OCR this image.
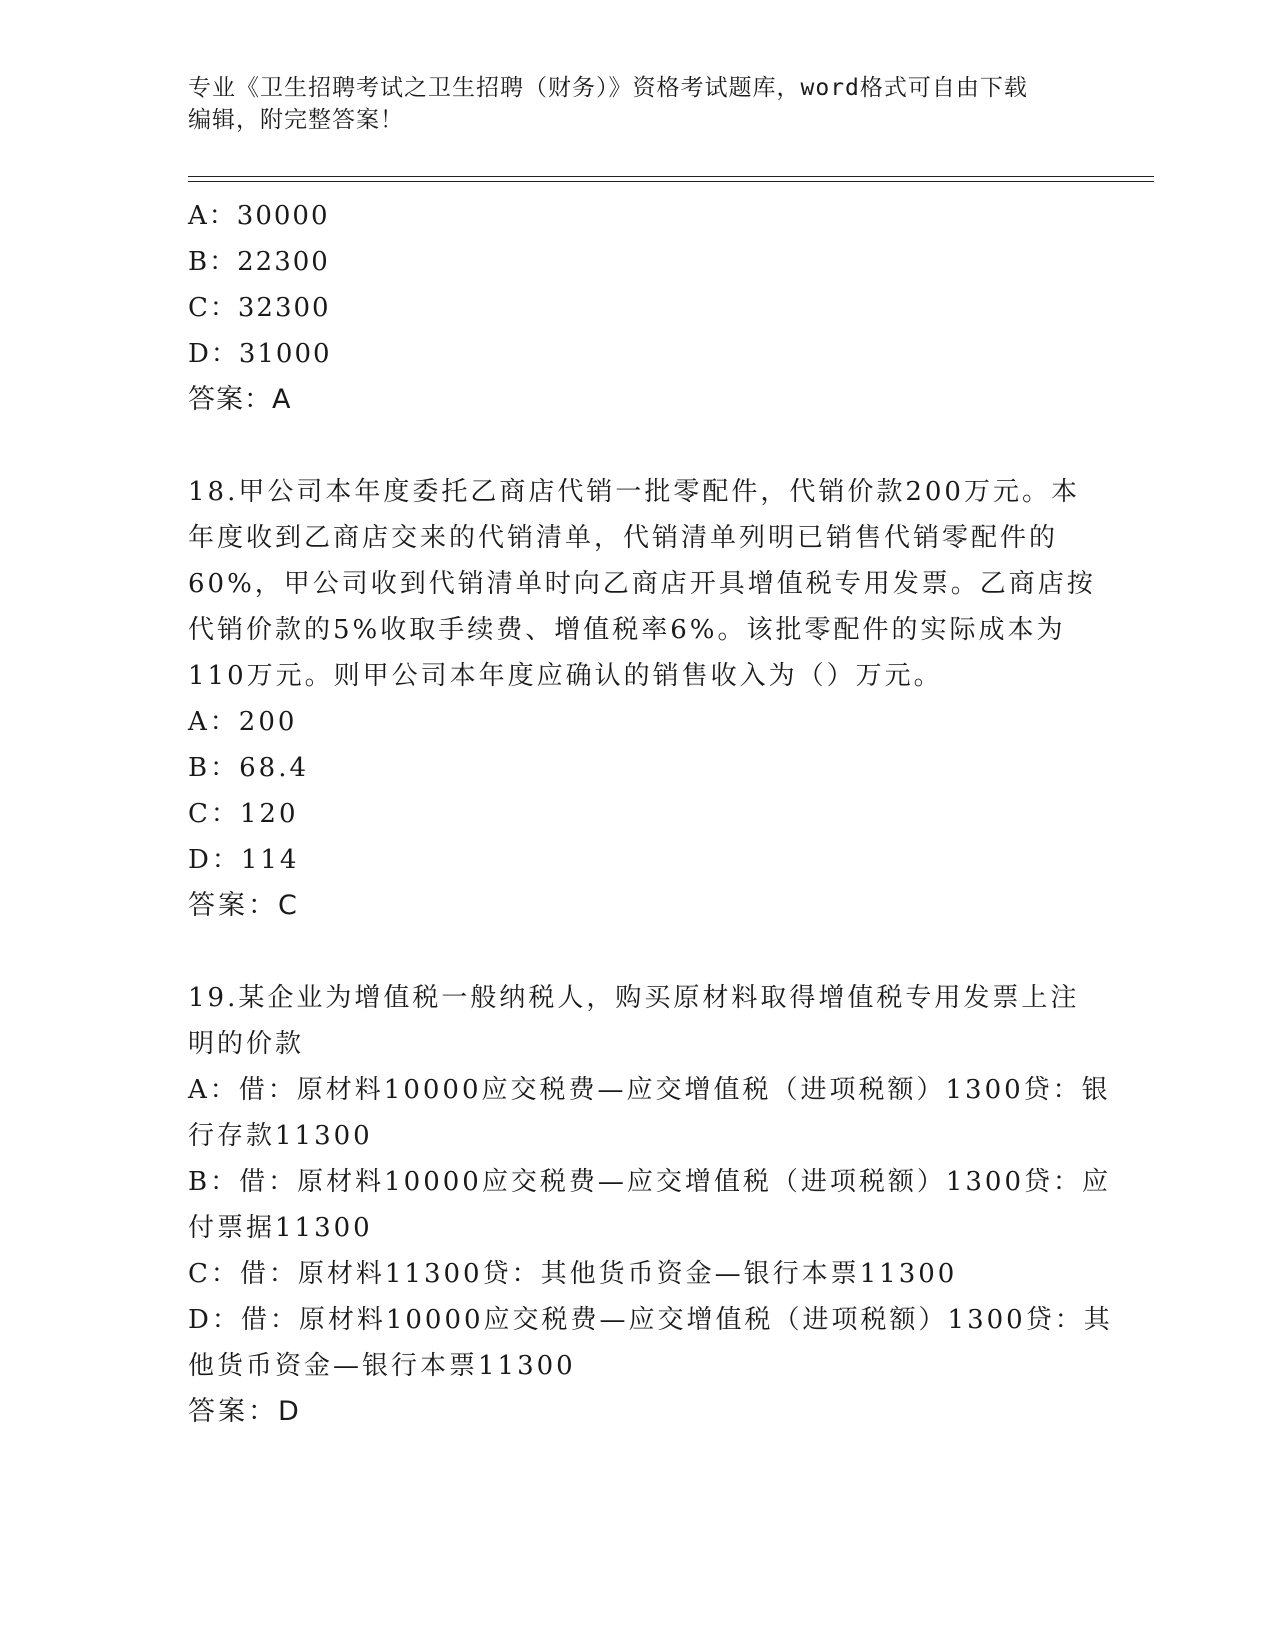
专业《卫生招聘考试之卫生招聘（财务）》资格考试题库，word格式可自由下载
编辑，附完整答案！
A：30000
B：22300
C：32300
D：31000
答案：A
18.甲公司本年度委托乙商店代销一批零配件，代销价款200万元。本
年度收到乙商店交来的代销清单，代销清单列明已销售代销零配件的
60%，甲公司收到代销清单时向乙商店开具增值税专用发票。乙商店按
代销价款的5%收取手续费、增值税率6%。该批零配件的实际成本为
110万元。则甲公司本年度应确认的销售收入为（）万元。
A：200
B：68.4
C：120
D：114
答案：C
19.某企业为增值税一般纳税人，购买原材料取得增值税专用发票上注
明的价款
A：借：原材料10000应交税费—应交增值税（进项税额）1300贷：银
行存款11300
B：借：原材料10000应交税费—应交增值税（进项税额）1300贷：应
付票据11300
C：借：原材料11300贷：其他货币资金—银行本票11300
D：借：原材料10000应交税费—应交增值税（进项税额）1300贷：其
他货币资金—银行本票11300
答案：D
